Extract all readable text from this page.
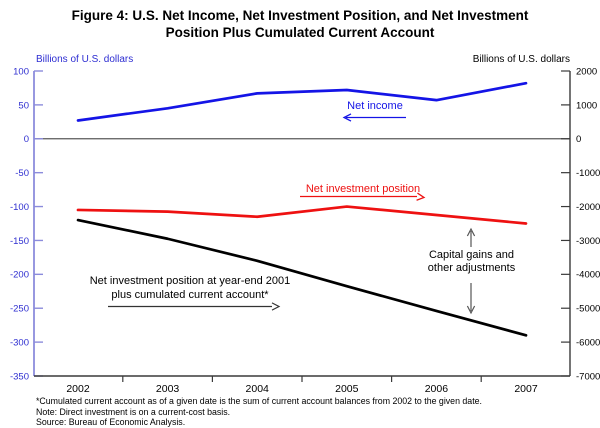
Figure 4: U.S. Net Income, Net Investment Position, and Net Investment
Position Plus Cumulated Current Account
Billions of U.S. dollars	Billions of U.S. dollars
100
50
0
-50
-100
-150
-200
-250
-300
-350
2000
1000
0
-1000
-2000
-3000
-4000
-5000
-6000
-7000
2002	2003	2004	2005	2006	2007
Net income
Net investment position
Capital gains and
other adjustments
Net investment position at year-end 2001
plus cumulated current account*
*Cumulated current account as of a given date is the sum of current account balances from 2002 to the given date.
Note: Direct investment is on a current-cost basis.
Source: Bureau of Economic Analysis.
